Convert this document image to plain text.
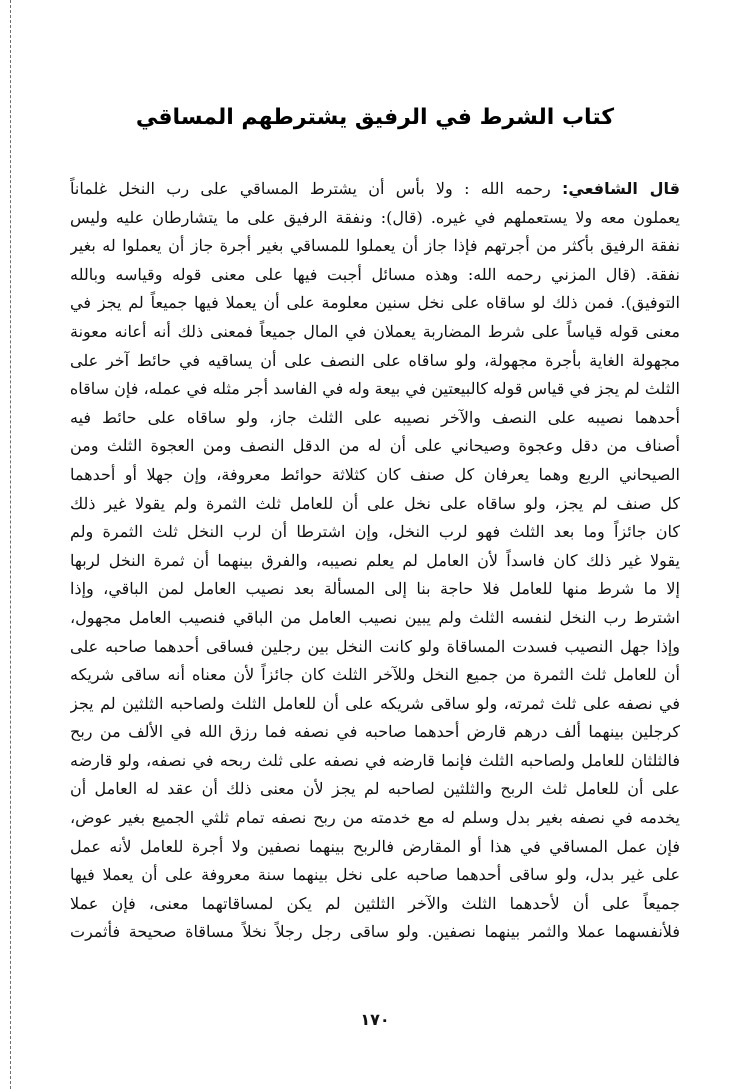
كتاب الشرط في الرفيق يشترطهم المساقي
قال الشافعي: رحمه الله : ولا بأس أن يشترط المساقي على رب النخل غلماناً
يعملون معه ولا يستعملهم في غيره. (قال): ونفقة الرفيق على ما يتشارطان عليه وليس
نفقة الرفيق بأكثر من أجرتهم فإذا جاز أن يعملوا للمساقي بغير أجرة جاز أن يعملوا له بغير
نفقة. (قال المزني رحمه الله: وهذه مسائل أجبت فيها على معنى قوله وقياسه وبالله
التوفيق). فمن ذلك لو ساقاه على نخل سنين معلومة على أن يعملا فيها جميعاً لم يجز في
معنى قوله قياساً على شرط المضاربة يعملان في المال جميعاً فمعنى ذلك أنه أعانه معونة
مجهولة الغاية بأجرة مجهولة، ولو ساقاه على النصف على أن يساقيه في حائط آخر على
الثلث لم يجز في قياس قوله كالبيعتين في بيعة وله في الفاسد أجر مثله في عمله، فإن ساقاه
أحدهما نصيبه على النصف والآخر نصيبه على الثلث جاز، ولو ساقاه على حائط فيه
أصناف من دقل وعجوة وصيحاني على أن له من الدقل النصف ومن العجوة الثلث ومن
الصيحاني الربع وهما يعرفان كل صنف كان كثلاثة حوائط معروفة، وإن جهلا أو أحدهما
كل صنف لم يجز، ولو ساقاه على نخل على أن للعامل ثلث الثمرة ولم يقولا غير ذلك
كان جائزاً وما بعد الثلث فهو لرب النخل، وإن اشترطا أن لرب النخل ثلث الثمرة ولم
يقولا غير ذلك كان فاسداً لأن العامل لم يعلم نصيبه، والفرق بينهما أن ثمرة النخل لربها
إلا ما شرط منها للعامل فلا حاجة بنا إلى المسألة بعد نصيب العامل لمن الباقي، وإذا
اشترط رب النخل لنفسه الثلث ولم يبين نصيب العامل من الباقي فنصيب العامل مجهول،
وإذا جهل النصيب فسدت المساقاة ولو كانت النخل بين رجلين فساقى أحدهما صاحبه على
أن للعامل ثلث الثمرة من جميع النخل وللآخر الثلث كان جائزاً لأن معناه أنه ساقى شريكه
في نصفه على ثلث ثمرته، ولو ساقى شريكه على أن للعامل الثلث ولصاحبه الثلثين لم يجز
كرجلين بينهما ألف درهم قارض أحدهما صاحبه في نصفه فما رزق الله في الألف من ربح
فالثلثان للعامل ولصاحبه الثلث فإنما قارضه في نصفه على ثلث ربحه في نصفه، ولو قارضه
على أن للعامل ثلث الربح والثلثين لصاحبه لم يجز لأن معنى ذلك أن عقد له العامل أن
يخدمه في نصفه بغير بدل وسلم له مع خدمته من ربح نصفه تمام ثلثي الجميع بغير عوض،
فإن عمل المساقي في هذا أو المقارض فالربح بينهما نصفين ولا أجرة للعامل لأنه عمل
على غير بدل، ولو ساقى أحدهما صاحبه على نخل بينهما سنة معروفة على أن يعملا فيها
جميعاً على أن لأحدهما الثلث والآخر الثلثين لم يكن لمساقاتهما معنى، فإن عملا
فلأنفسهما عملا والثمر بينهما نصفين. ولو ساقى رجل رجلاً نخلاً مساقاة صحيحة فأثمرت
١٧٠
